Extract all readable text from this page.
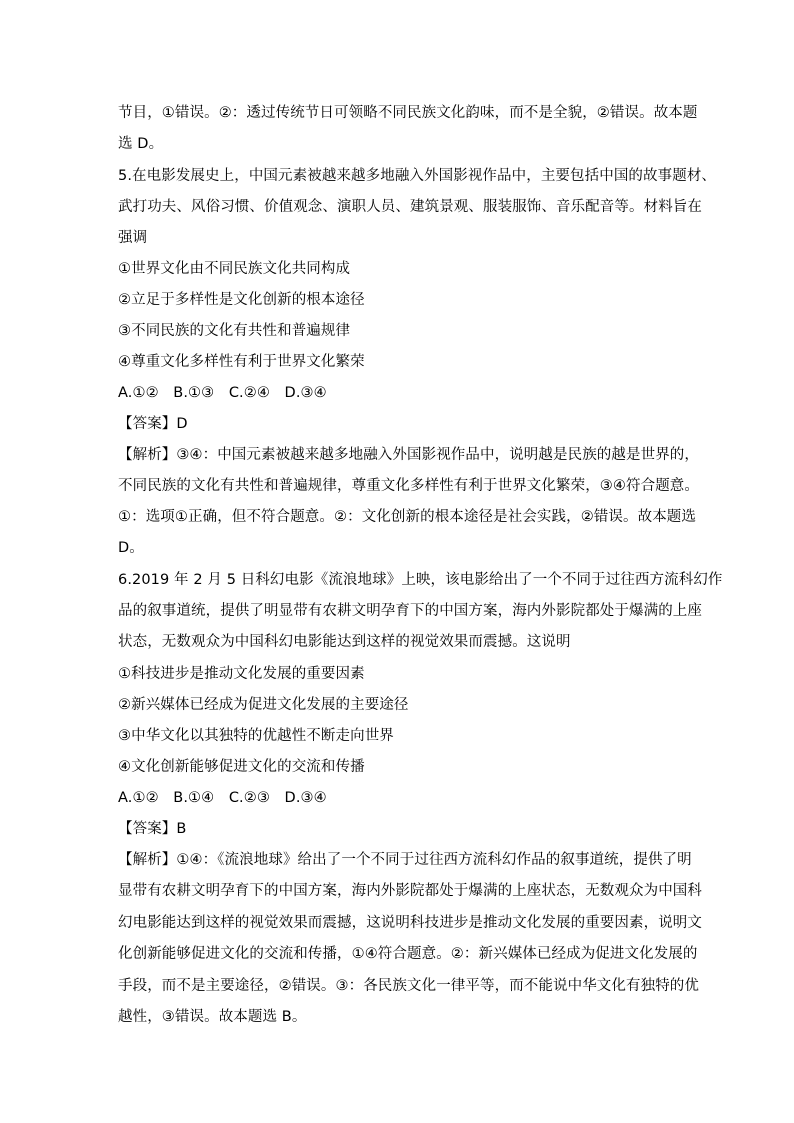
节目，①错误。②：透过传统节日可领略不同民族文化韵味，而不是全貌，②错误。故本题
选 D。
5.在电影发展史上，中国元素被越来越多地融入外国影视作品中，主要包括中国的故事题材、
武打功夫、风俗习惯、价值观念、演职人员、建筑景观、服装服饰、音乐配音等。材料旨在
强调
①世界文化由不同民族文化共同构成
②立足于多样性是文化创新的根本途径
③不同民族的文化有共性和普遍规律
④尊重文化多样性有利于世界文化繁荣
A.①②　B.①③　C.②④　D.③④
【答案】D
【解析】③④：中国元素被越来越多地融入外国影视作品中，说明越是民族的越是世界的，
不同民族的文化有共性和普遍规律，尊重文化多样性有利于世界文化繁荣，③④符合题意。
①：选项①正确，但不符合题意。②：文化创新的根本途径是社会实践，②错误。故本题选
D。
6.2019 年 2 月 5 日科幻电影《流浪地球》上映，该电影给出了一个不同于过往西方流科幻作
品的叙事道统，提供了明显带有农耕文明孕育下的中国方案，海内外影院都处于爆满的上座
状态，无数观众为中国科幻电影能达到这样的视觉效果而震撼。这说明
①科技进步是推动文化发展的重要因素
②新兴媒体已经成为促进文化发展的主要途径
③中华文化以其独特的优越性不断走向世界
④文化创新能够促进文化的交流和传播
A.①②　B.①④　C.②③　D.③④
【答案】B
【解析】①④：《流浪地球》给出了一个不同于过往西方流科幻作品的叙事道统，提供了明
显带有农耕文明孕育下的中国方案，海内外影院都处于爆满的上座状态，无数观众为中国科
幻电影能达到这样的视觉效果而震撼，这说明科技进步是推动文化发展的重要因素，说明文
化创新能够促进文化的交流和传播，①④符合题意。②：新兴媒体已经成为促进文化发展的
手段，而不是主要途径，②错误。③：各民族文化一律平等，而不能说中华文化有独特的优
越性，③错误。故本题选 B。
